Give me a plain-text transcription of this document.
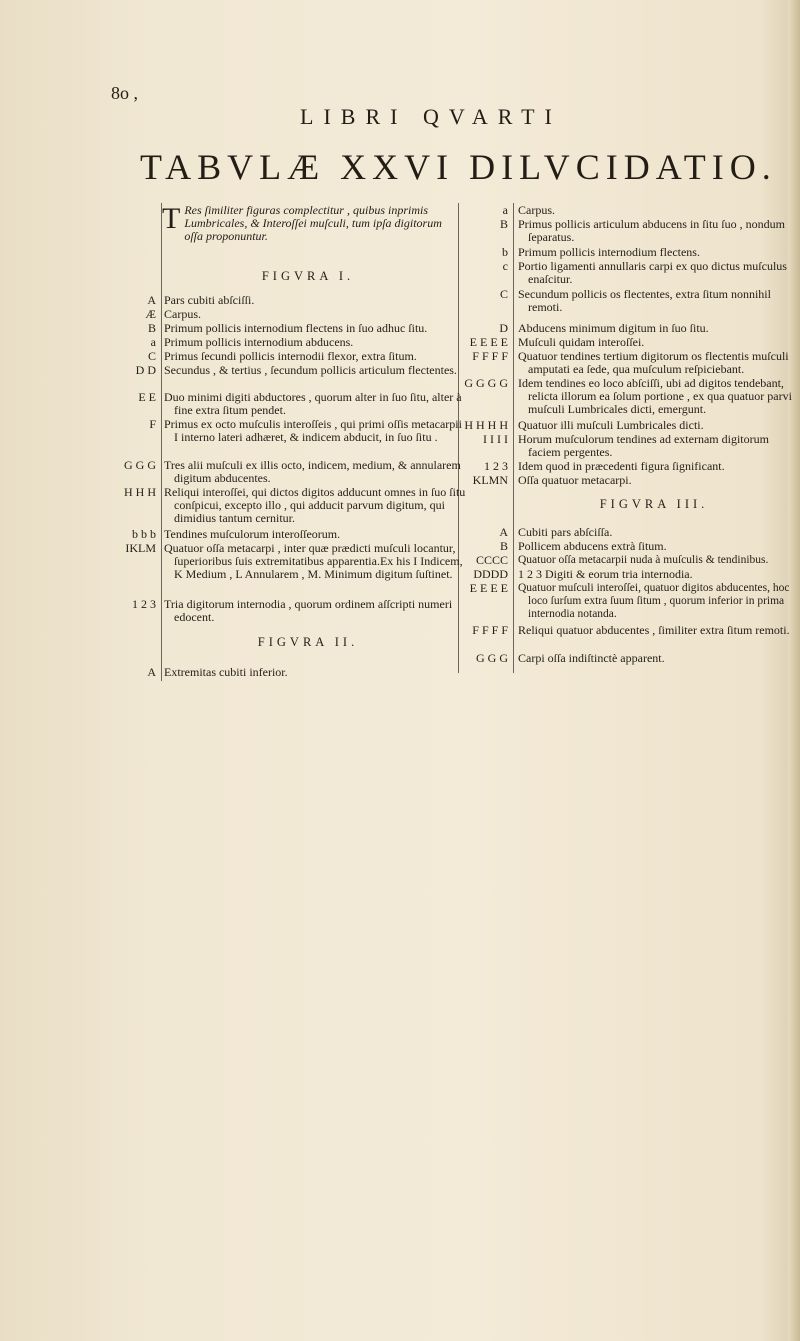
8o ,
LIBRI QVARTI
TABVLÆ XXVI DILVCIDATIO.
T Res ſimiliter figuras complectitur , quibus inprimis Lumbricales, & Interoſſei muſculi, tum ipſa digitorum oſſa proponuntur.
FIGVRA I.
A Pars cubiti abſciſſi.
Æ Carpus.
B Primum pollicis internodium flectens in ſuo adhuc ſitu.
a Primum pollicis internodium abducens.
C Primus ſecundi pollicis internodii flexor, extra ſitum.
D D Secundus , & tertius , ſecundum pollicis articulum flectentes.
E E Duo minimi digiti abductores , quorum alter in ſuo ſitu, alter à fine extra ſitum pendet.
F Primus ex octo muſculis interoſſeis , qui primi oſſis metacarpii I interno lateri adhæret, & indicem abducit, in ſuo ſitu .
G G G Tres alii muſculi ex illis octo, indicem, medium, & annularem digitum abducentes.
H H H Reliqui interoſſei, qui dictos digitos adducunt omnes in ſuo ſitu conſpicui, excepto illo , qui adducit parvum digitum, qui dimidius tantum cernitur.
b b b Tendines muſculorum interoſſeorum.
IKLM Quatuor oſſa metacarpi , inter quæ prædicti muſculi locantur, ſuperioribus ſuis extremitatibus apparentia.Ex his I Indicem, K Medium , L Annularem , M. Minimum digitum ſuſtinet.
1 2 3 Tria digitorum internodia , quorum ordinem aſſcripti numeri edocent.
FIGVRA II.
A Extremitas cubiti inferior.
a Carpus.
B Primus pollicis articulum abducens in ſitu ſuo , nondum ſeparatus.
b Primum pollicis internodium flectens.
c Portio ligamenti annullaris carpi ex quo dictus muſculus enaſcitur.
C Secundum pollicis os flectentes, extra ſitum nonnihil remoti.
D Abducens minimum digitum in ſuo ſitu.
E E E E Muſculi quidam interoſſei.
F F F F Quatuor tendines tertium digitorum os flectentis muſculi amputati ea ſede, qua muſculum reſpiciebant.
G G G G Idem tendines eo loco abſciſſi, ubi ad digitos tendebant, relicta illorum ea ſolum portione , ex qua quatuor parvi muſculi Lumbricales dicti, emergunt.
H H H H Quatuor illi muſculi Lumbricales dicti.
I I I I Horum muſculorum tendines ad externam digitorum faciem pergentes.
1 2 3 Idem quod in præcedenti figura ſignificant.
KLMN Oſſa quatuor metacarpi.
FIGVRA III.
A Cubiti pars abſciſſa.
B Pollicem abducens extrà ſitum.
CCCC Quatuor oſſa metacarpii nuda à muſculis & tendinibus.
DDDD 1 2 3 Digiti & eorum tria internodia.
E E E E Quatuor muſculi interoſſei, quatuor digitos abducentes, hoc loco ſurſum extra ſuum ſitum , quorum inferior in prima internodia notanda.
F F F F Reliqui quatuor abducentes , ſimiliter extra ſitum remoti.
G G G Carpi oſſa indiſtinctè apparent.
